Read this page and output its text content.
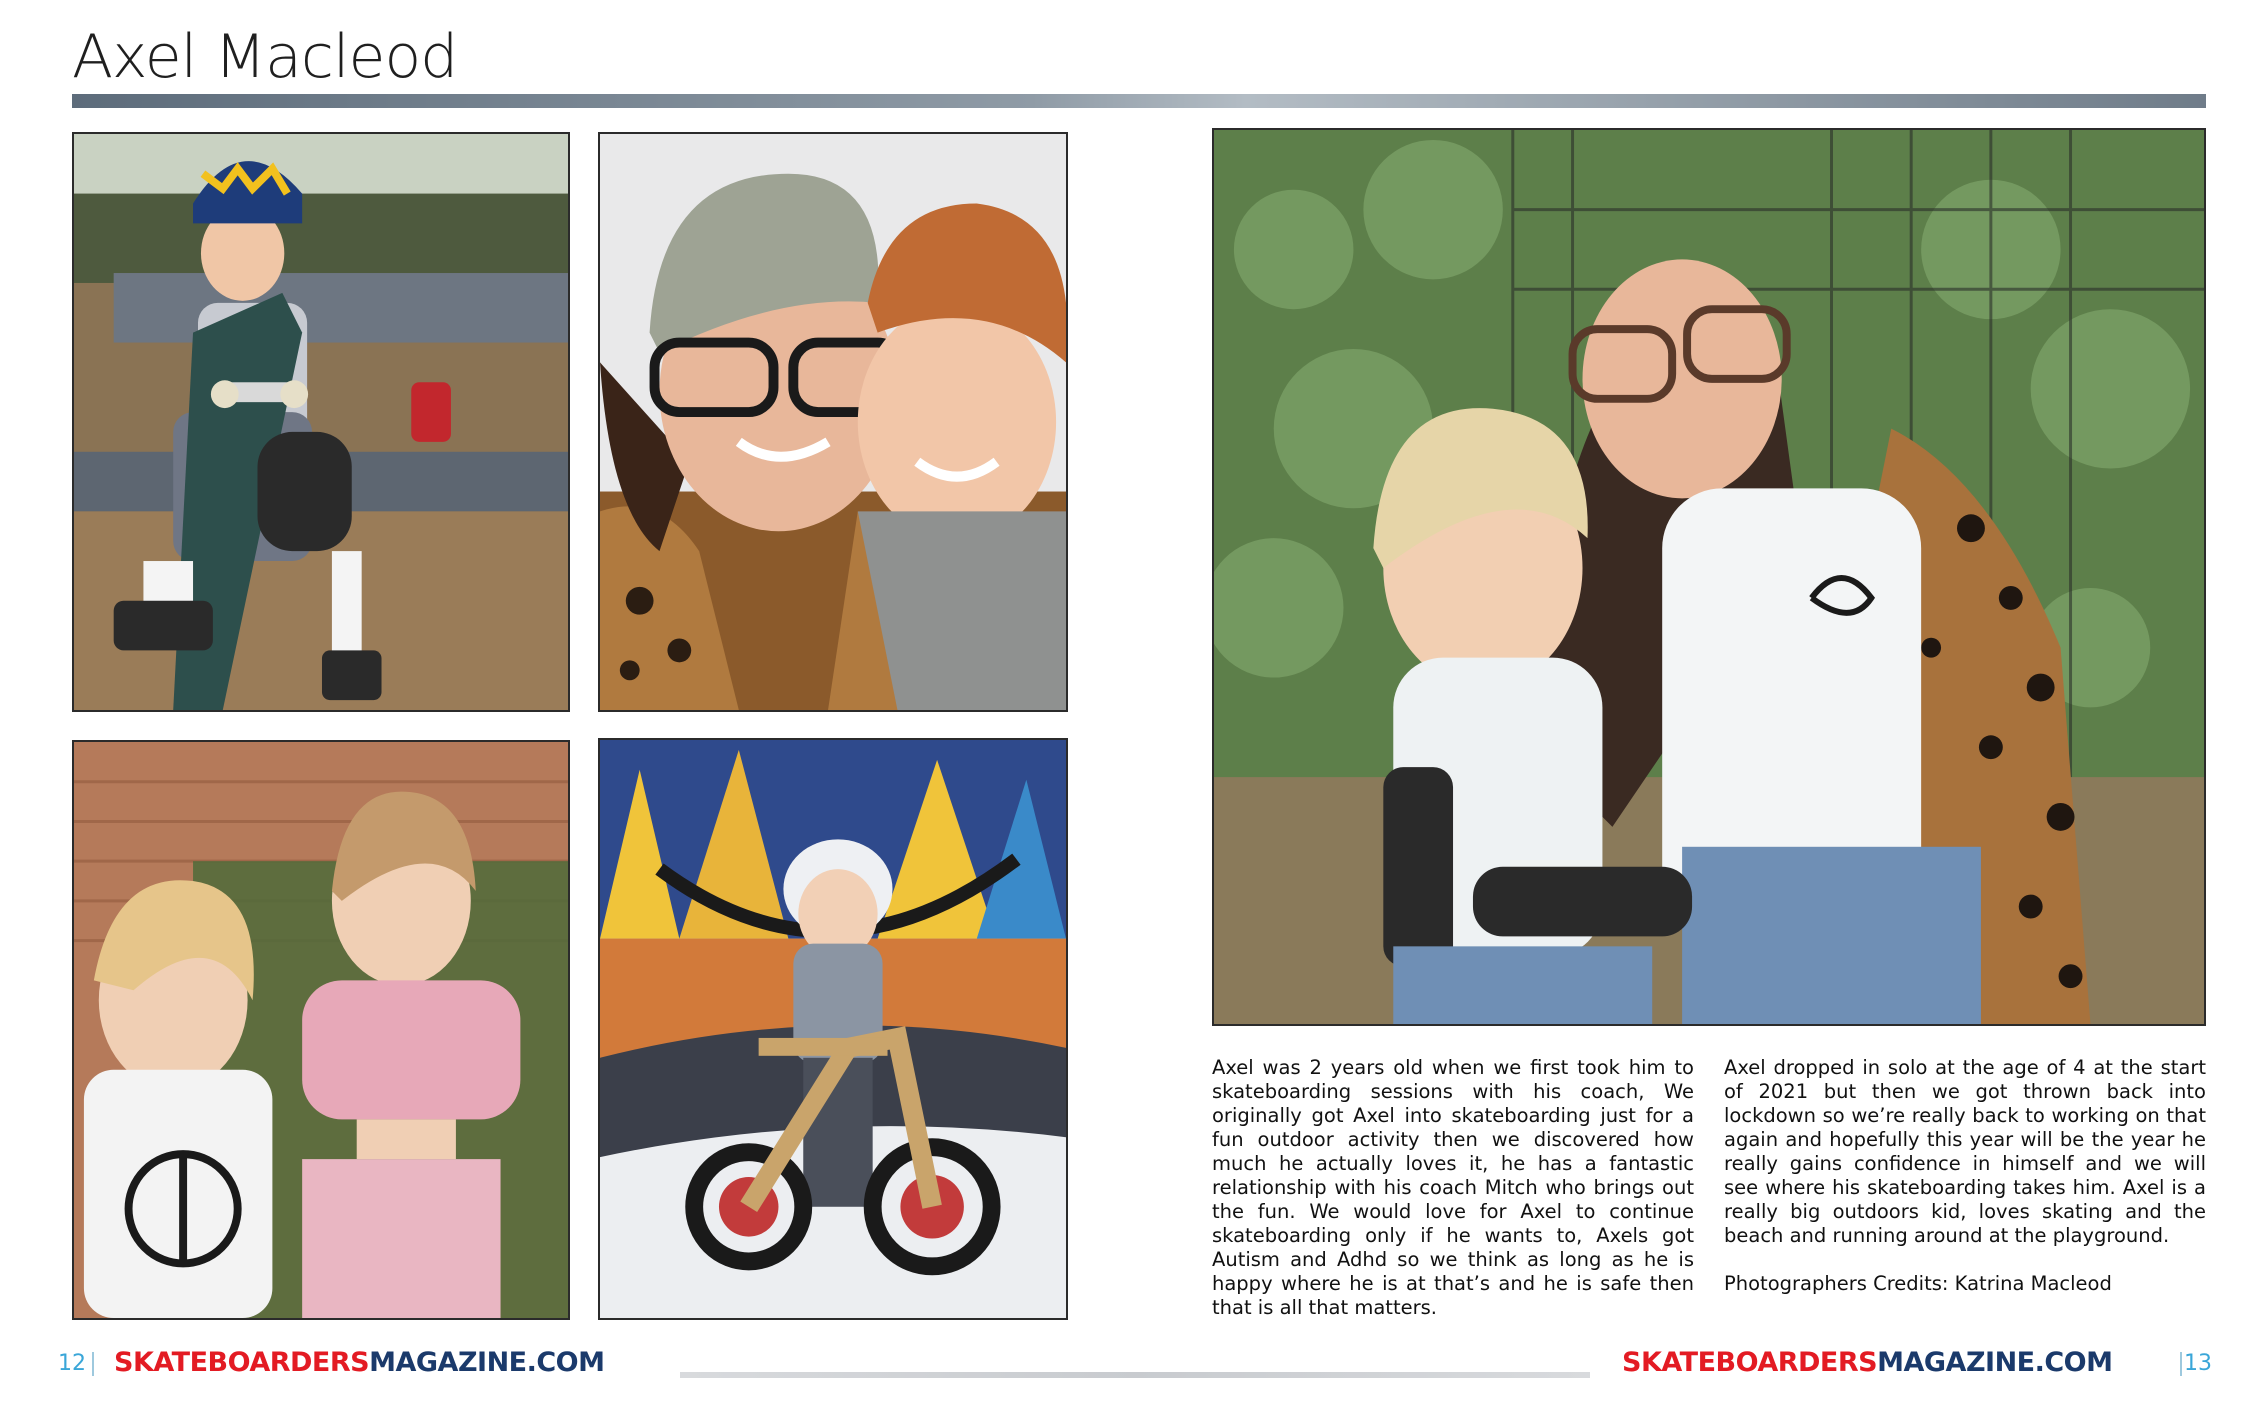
Axel Macleod

Axel was 2 years old when we first took him to skateboarding sessions with his coach, We originally got Axel into skateboarding just for a fun outdoor activity then we discovered how much he actually loves it, he has a fantastic relationship with his coach Mitch who brings out the fun. We would love for Axel to continue skateboarding only if he wants to, Axels got Autism and Adhd so we think as long as he is happy where he is at that’s and he is safe then that is all that matters.

Axel dropped in solo at the age of 4 at the start of 2021 but then we got thrown back into lockdown so we’re really back to working on that again and hopefully this year will be the year he really gains confidence in himself and we will see where his skateboarding takes him. Axel is a really big outdoors kid, loves skating and the beach and running around at the playground.

Photographers Credits: Katrina Macleod

12 SKATEBOARDERSMAGAZINE.COM	SKATEBOARDERSMAGAZINE.COM	13
